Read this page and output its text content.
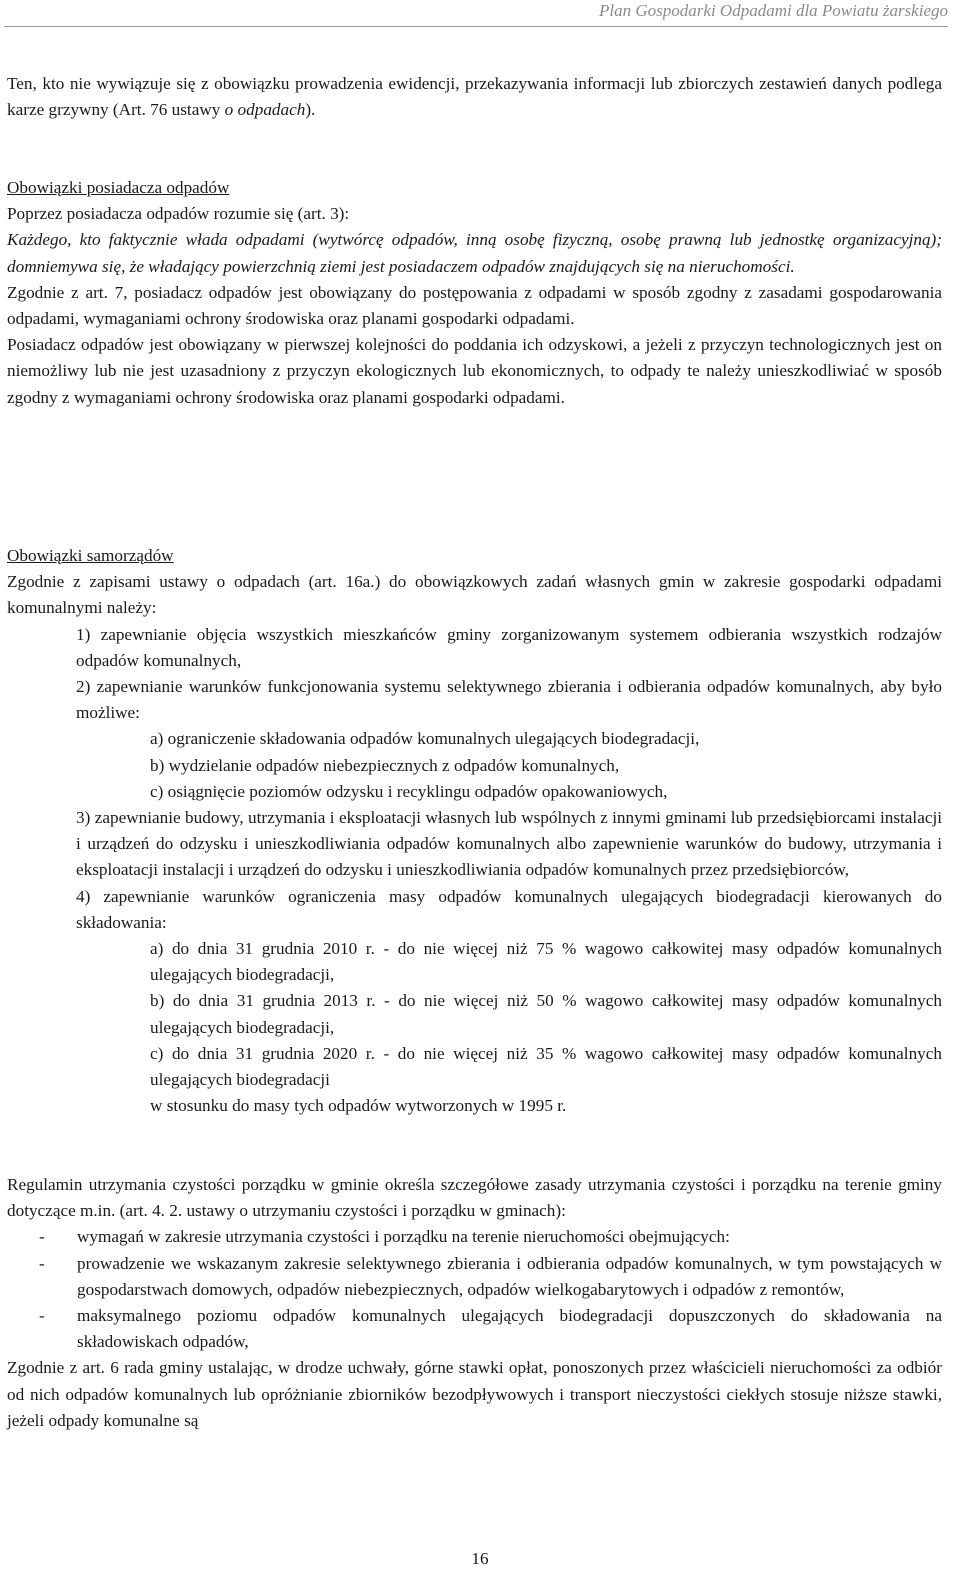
Plan Gospodarki Odpadami dla Powiatu żarskiego

Ten, kto nie wywiązuje się z obowiązku prowadzenia ewidencji, przekazywania informacji lub zbiorczych zestawień danych podlega karze grzywny (Art. 76 ustawy o odpadach).

Obowiązki posiadacza odpadów

Poprzez posiadacza odpadów rozumie się (art. 3):

Każdego, kto faktycznie włada odpadami (wytwórcę odpadów, inną osobę fizyczną, osobę prawną lub jednostkę organizacyjną); domniemywa się, że władający powierzchnią ziemi jest posiadaczem odpadów znajdujących się na nieruchomości.

Zgodnie z art. 7, posiadacz odpadów jest obowiązany do postępowania z odpadami w sposób zgodny z zasadami gospodarowania odpadami, wymaganiami ochrony środowiska oraz planami gospodarki odpadami.

Posiadacz odpadów jest obowiązany w pierwszej kolejności do poddania ich odzyskowi, a jeżeli z przyczyn technologicznych jest on niemożliwy lub nie jest uzasadniony z przyczyn ekologicznych lub ekonomicznych, to odpady te należy unieszkodliwiać w sposób zgodny z wymaganiami ochrony środowiska oraz planami gospodarki odpadami.

Obowiązki samorządów

Zgodnie z zapisami ustawy o odpadach (art. 16a.) do obowiązkowych zadań własnych gmin w zakresie gospodarki odpadami komunalnymi należy:

1) zapewnianie objęcia wszystkich mieszkańców gminy zorganizowanym systemem odbierania wszystkich rodzajów odpadów komunalnych,

2) zapewnianie warunków funkcjonowania systemu selektywnego zbierania i odbierania odpadów komunalnych, aby było możliwe:

a) ograniczenie składowania odpadów komunalnych ulegających biodegradacji,

b) wydzielanie odpadów niebezpiecznych z odpadów komunalnych,

c) osiągnięcie poziomów odzysku i recyklingu odpadów opakowaniowych,

3) zapewnianie budowy, utrzymania i eksploatacji własnych lub wspólnych z innymi gminami lub przedsiębiorcami instalacji i urządzeń do odzysku i unieszkodliwiania odpadów komunalnych albo zapewnienie warunków do budowy, utrzymania i eksploatacji instalacji i urządzeń do odzysku i unieszkodliwiania odpadów komunalnych przez przedsiębiorców,

4) zapewnianie warunków ograniczenia masy odpadów komunalnych ulegających biodegradacji kierowanych do składowania:

a) do dnia 31 grudnia 2010 r. - do nie więcej niż 75 % wagowo całkowitej masy odpadów komunalnych ulegających biodegradacji,

b) do dnia 31 grudnia 2013 r. - do nie więcej niż 50 % wagowo całkowitej masy odpadów komunalnych ulegających biodegradacji,

c) do dnia 31 grudnia 2020 r. - do nie więcej niż 35 % wagowo całkowitej masy odpadów komunalnych ulegających biodegradacji

w stosunku do masy tych odpadów wytworzonych w 1995 r.

Regulamin utrzymania czystości porządku w gminie określa szczegółowe zasady utrzymania czystości i porządku na terenie gminy dotyczące m.in. (art. 4. 2. ustawy o utrzymaniu czystości i porządku w gminach):

-	wymagań w zakresie utrzymania czystości i porządku na terenie nieruchomości obejmujących:
-	prowadzenie we wskazanym zakresie selektywnego zbierania i odbierania odpadów komunalnych, w tym powstających w gospodarstwach domowych, odpadów niebezpiecznych, odpadów wielkogabarytowych i odpadów z remontów,
-	maksymalnego poziomu odpadów komunalnych ulegających biodegradacji dopuszczonych do składowania na składowiskach odpadów,

Zgodnie z art. 6 rada gminy ustalając, w drodze uchwały, górne stawki opłat, ponoszonych przez właścicieli nieruchomości za odbiór od nich odpadów komunalnych lub opróżnianie zbiorników bezodpływowych i transport nieczystości ciekłych stosuje niższe stawki, jeżeli odpady komunalne są

16
